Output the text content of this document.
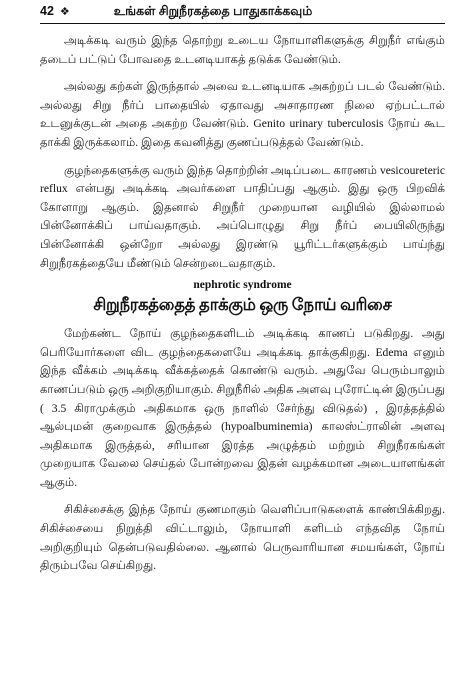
42 ❖	உங்கள் சிறுநீரகத்தை பாதுகாக்கவும்

அடிக்கடி வரும் இந்த தொற்று உடைய நோயாளிகளுக்கு சிறுநீர் எங்கும் தடைப் பட்டுப் போவதை உடனடியாகத் தடுக்க வேண்டும்.

அல்லது கற்கள் இருந்தால் அவை உடனடியாக அகற்றப் படல் வேண்டும். அல்லது சிறு நீர்ப் பாதையில் ஏதாவது அசாதாரண நிலை ஏற்பட்டால் உடனுக்குடன் அதை அகற்ற வேண்டும். Genito urinary tuberculosis நோய் கூட தாக்கி இருக்கலாம். இதை கவனித்து குணப்படுத்தல் வேண்டும்.

குழந்தைகளுக்கு வரும் இந்த தொற்றின் அடிப்படை காரணம் vesicoureteric reflux என்பது அடிக்கடி அவர்களை பாதிப்பது ஆகும். இது ஒரு பிறவிக் கோளாறு ஆகும். இதனால் சிறுநீர் முறையான வழியில் இல்லாமல் பின்னோக்கிப் பாய்வதாகும். அப்பொழுது சிறு நீர்ப் பையிலிருந்து பின்னோக்கி ஒன்றோ அல்லது இரண்டு யூரிட்டர்களுக்கும் பாய்ந்து சிறுநீரகத்தையே மீண்டும் சென்றடைவதாகும்.

nephrotic syndrome
சிறுநீரகத்தைத் தாக்கும் ஒரு நோய் வரிசை

மேற்கண்ட நோய் குழந்தைகளிடம் அடிக்கடி காணப் படுகிறது. அது பெரியோர்களை விட குழந்தைகளையே அடிக்கடி தாக்குகிறது. Edema எனும் இந்த வீக்கம் அடிக்கடி வீக்கத்தைக் கொண்டு வரும். அதுவே பெரும்பாலும் காணப்படும் ஒரு அறிகுறியாகும். சிறுநீரில் அதிக அளவு புரோட்டின் இருப்பது ( 3.5 கிராமுக்கும் அதிகமாக ஒரு நாளில் சேர்ந்து விடுதல்) , இரத்தத்தில் ஆல்புமன் குறைவாக இருத்தல் (hypoalbuminemia) காலஸ்ட்ராலின் அளவு அதிகமாக இருத்தல், சரியான இரத்த அழுத்தம் மற்றும் சிறுநீரகங்கள் முறையாக வேலை செய்தல் போன்றவை இதன் வழக்கமான அடையாளங்கள் ஆகும்.

சிகிச்சைக்கு இந்த நோய் குணமாகும் வெளிப்பாடுகளைக் காண்பிக்கிறது. சிகிச்சையை நிறுத்தி விட்டாலும், நோயாளி களிடம் எந்தவித நோய் அறிகுறியும் தென்படுவதில்லை. ஆனால் பெருவாரியான சமயங்கள், நோய் திரும்பவே செய்கிறது.
